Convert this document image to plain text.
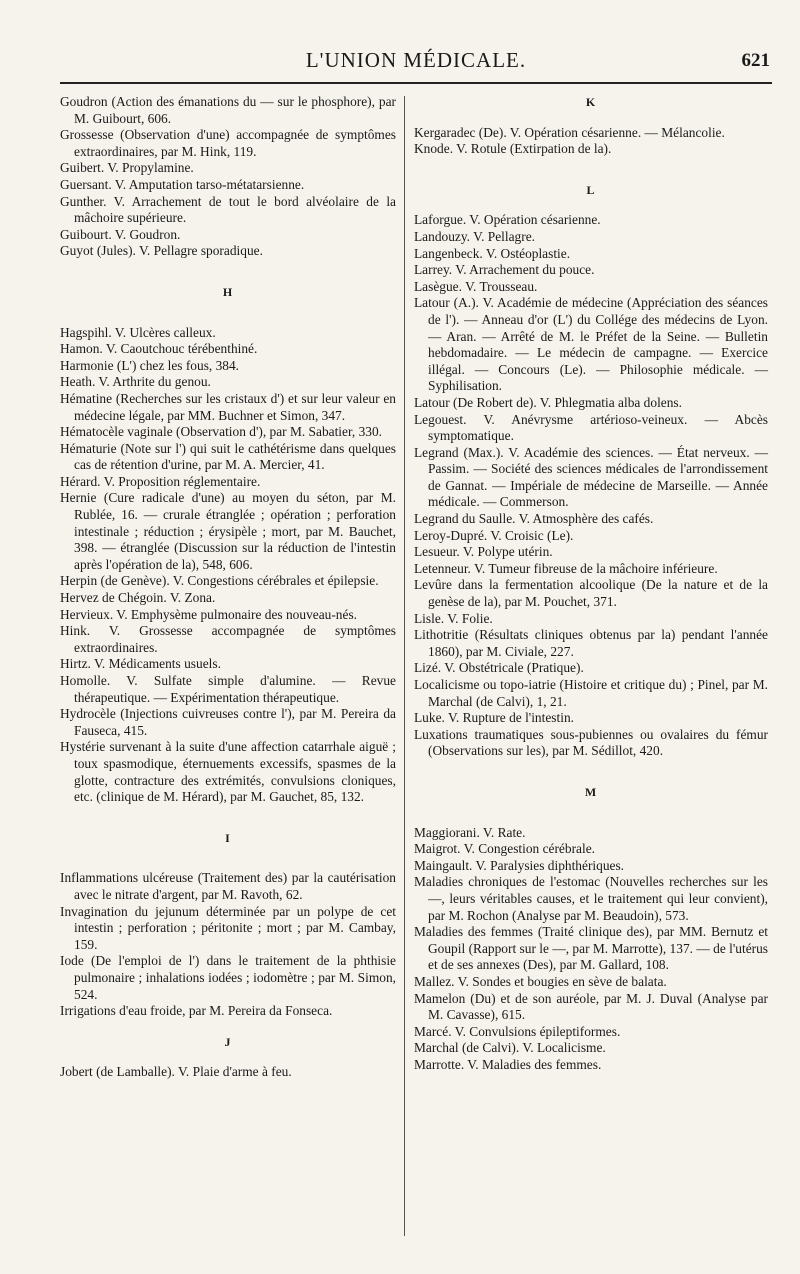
L'UNION MÉDICALE.	621
Goudron (Action des émanations du — sur le phosphore), par M. Guibourt, 606.
Grossesse (Observation d'une) accompagnée de symptômes extraordinaires, par M. Hink, 119.
Guibert. V. Propylamine.
Guersant. V. Amputation tarso-métatarsienne.
Gunther. V. Arrachement de tout le bord alvéolaire de la mâchoire supérieure.
Guibourt. V. Goudron.
Guyot (Jules). V. Pellagre sporadique.
H
Hagspihl. V. Ulcères calleux.
Hamon. V. Caoutchouc térébenthiné.
Harmonie (L') chez les fous, 384.
Heath. V. Arthrite du genou.
Hématine (Recherches sur les cristaux d') et sur leur valeur en médecine légale, par MM. Buchner et Simon, 347.
Hématocèle vaginale (Observation d'), par M. Sabatier, 330.
Hématurie (Note sur l') qui suit le cathétérisme dans quelques cas de rétention d'urine, par M. A. Mercier, 41.
Hérard. V. Proposition réglementaire.
Hernie (Cure radicale d'une) au moyen du séton, par M. Rublée, 16. — crurale étranglée ; opération ; perforation intestinale ; réduction ; érysipèle ; mort, par M. Bauchet, 398. — étranglée (Discussion sur la réduction de l'intestin après l'opération de la), 548, 606.
Herpin (de Genève). V. Congestions cérébrales et épilepsie.
Hervez de Chégoin. V. Zona.
Hervieux. V. Emphysème pulmonaire des nouveau-nés.
Hink. V. Grossesse accompagnée de symptômes extraordinaires.
Hirtz. V. Médicaments usuels.
Homolle. V. Sulfate simple d'alumine. — Revue thérapeutique. — Expérimentation thérapeutique.
Hydrocèle (Injections cuivreuses contre l'), par M. Pereira da Fauseca, 415.
Hystérie survenant à la suite d'une affection catarrhale aiguë ; toux spasmodique, éternuements excessifs, spasmes de la glotte, contracture des extrémités, convulsions cloniques, etc. (clinique de M. Hérard), par M. Gauchet, 85, 132.
I
Inflammations ulcéreuse (Traitement des) par la cautérisation avec le nitrate d'argent, par M. Ravoth, 62.
Invagination du jejunum déterminée par un polype de cet intestin ; perforation ; péritonite ; mort ; par M. Cambay, 159.
Iode (De l'emploi de l') dans le traitement de la phthisie pulmonaire ; inhalations iodées ; iodomètre ; par M. Simon, 524.
Irrigations d'eau froide, par M. Pereira da Fonseca.
J
Jobert (de Lamballe). V. Plaie d'arme à feu.
K
Kergaradec (De). V. Opération césarienne. — Mélancolie.
Knode. V. Rotule (Extirpation de la).
L
Laforgue. V. Opération césarienne.
Landouzy. V. Pellagre.
Langenbeck. V. Ostéoplastie.
Larrey. V. Arrachement du pouce.
Lasègue. V. Trousseau.
Latour (A.). V. Académie de médecine (Appréciation des séances de l'). — Anneau d'or (L') du Collége des médecins de Lyon. — Aran. — Arrêté de M. le Préfet de la Seine. — Bulletin hebdomadaire. — Le médecin de campagne. — Exercice illégal. — Concours (Le). — Philosophie médicale. — Syphilisation.
Latour (De Robert de). V. Phlegmatia alba dolens.
Legouest. V. Anévrysme artérioso-veineux. — Abcès symptomatique.
Legrand (Max.). V. Académie des sciences. — État nerveux. — Passim. — Société des sciences médicales de l'arrondissement de Gannat. — Impériale de médecine de Marseille. — Année médicale. — Commerson.
Legrand du Saulle. V. Atmosphère des cafés.
Leroy-Dupré. V. Croisic (Le).
Lesueur. V. Polype utérin.
Letenneur. V. Tumeur fibreuse de la mâchoire inférieure.
Levûre dans la fermentation alcoolique (De la nature et de la genèse de la), par M. Pouchet, 371.
Lisle. V. Folie.
Lithotritie (Résultats cliniques obtenus par la) pendant l'année 1860), par M. Civiale, 227.
Lizé. V. Obstétricale (Pratique).
Localicisme ou topo-iatrie (Histoire et critique du) ; Pinel, par M. Marchal (de Calvi), 1, 21.
Luke. V. Rupture de l'intestin.
Luxations traumatiques sous-pubiennes ou ovalaires du fémur (Observations sur les), par M. Sédillot, 420.
M
Maggiorani. V. Rate.
Maigrot. V. Congestion cérébrale.
Maingault. V. Paralysies diphthériques.
Maladies chroniques de l'estomac (Nouvelles recherches sur les —, leurs véritables causes, et le traitement qui leur convient), par M. Rochon (Analyse par M. Beaudoin), 573.
Maladies des femmes (Traité clinique des), par MM. Bernutz et Goupil (Rapport sur le —, par M. Marrotte), 137. — de l'utérus et de ses annexes (Des), par M. Gallard, 108.
Mallez. V. Sondes et bougies en sève de balata.
Mamelon (Du) et de son auréole, par M. J. Duval (Analyse par M. Cavasse), 615.
Marcé. V. Convulsions épileptiformes.
Marchal (de Calvi). V. Localicisme.
Marrotte. V. Maladies des femmes.
